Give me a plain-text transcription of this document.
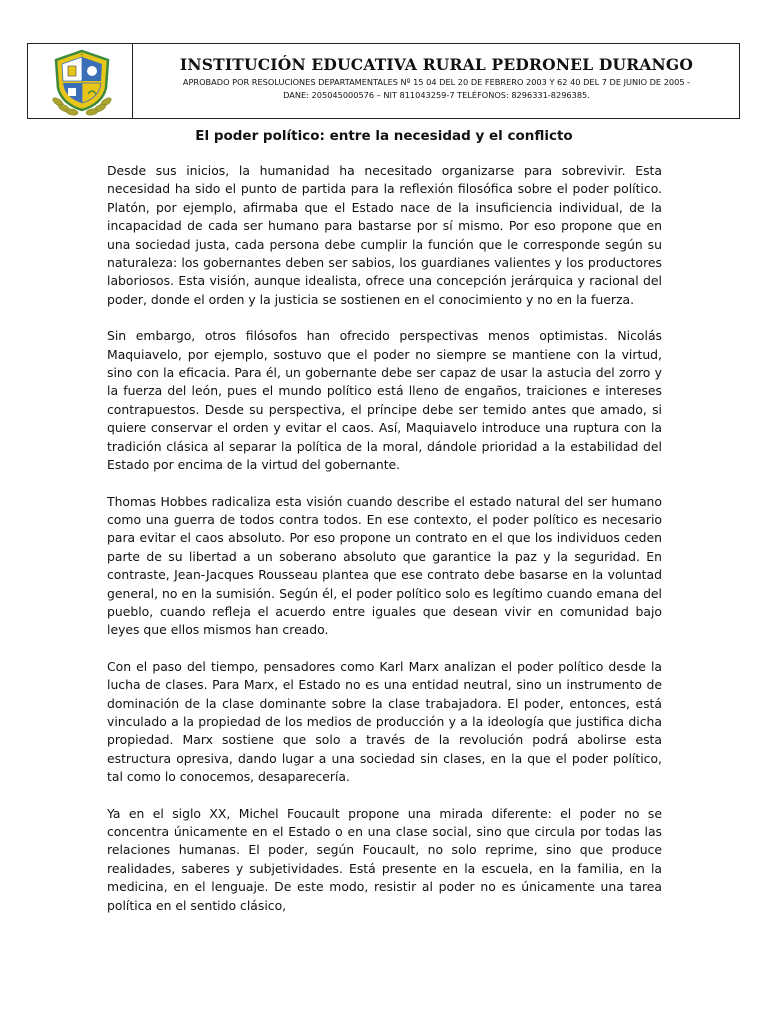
★
INSTITUCIÓN EDUCATIVA RURAL PEDRONEL DURANGO
APROBADO POR RESOLUCIONES DEPARTAMENTALES Nº 15 04 DEL 20 DE FEBRERO 2003 Y 62 40 DEL 7 DE JUNIO DE 2005 -
DANE: 205045000576 – NIT 811043259-7 TELÉFONOS: 8296331-8296385.
El poder político: entre la necesidad y el conflicto

Desde sus inicios, la humanidad ha necesitado organizarse para sobrevivir. Esta necesidad ha sido el punto de partida para la reflexión filosófica sobre el poder político. Platón, por ejemplo, afirmaba que el Estado nace de la insuficiencia individual, de la incapacidad de cada ser humano para bastarse por sí mismo. Por eso propone que en una sociedad justa, cada persona debe cumplir la función que le corresponde según su naturaleza: los gobernantes deben ser sabios, los guardianes valientes y los productores laboriosos. Esta visión, aunque idealista, ofrece una concepción jerárquica y racional del poder, donde el orden y la justicia se sostienen en el conocimiento y no en la fuerza.

Sin embargo, otros filósofos han ofrecido perspectivas menos optimistas. Nicolás Maquiavelo, por ejemplo, sostuvo que el poder no siempre se mantiene con la virtud, sino con la eficacia. Para él, un gobernante debe ser capaz de usar la astucia del zorro y la fuerza del león, pues el mundo político está lleno de engaños, traiciones e intereses contrapuestos. Desde su perspectiva, el príncipe debe ser temido antes que amado, si quiere conservar el orden y evitar el caos. Así, Maquiavelo introduce una ruptura con la tradición clásica al separar la política de la moral, dándole prioridad a la estabilidad del Estado por encima de la virtud del gobernante.

Thomas Hobbes radicaliza esta visión cuando describe el estado natural del ser humano como una guerra de todos contra todos. En ese contexto, el poder político es necesario para evitar el caos absoluto. Por eso propone un contrato en el que los individuos ceden parte de su libertad a un soberano absoluto que garantice la paz y la seguridad. En contraste, Jean-Jacques Rousseau plantea que ese contrato debe basarse en la voluntad general, no en la sumisión. Según él, el poder político solo es legítimo cuando emana del pueblo, cuando refleja el acuerdo entre iguales que desean vivir en comunidad bajo leyes que ellos mismos han creado.

Con el paso del tiempo, pensadores como Karl Marx analizan el poder político desde la lucha de clases. Para Marx, el Estado no es una entidad neutral, sino un instrumento de dominación de la clase dominante sobre la clase trabajadora. El poder, entonces, está vinculado a la propiedad de los medios de producción y a la ideología que justifica dicha propiedad. Marx sostiene que solo a través de la revolución podrá abolirse esta estructura opresiva, dando lugar a una sociedad sin clases, en la que el poder político, tal como lo conocemos, desaparecería.

Ya en el siglo XX, Michel Foucault propone una mirada diferente: el poder no se concentra únicamente en el Estado o en una clase social, sino que circula por todas las relaciones humanas. El poder, según Foucault, no solo reprime, sino que produce realidades, saberes y subjetividades. Está presente en la escuela, en la familia, en la medicina, en el lenguaje. De este modo, resistir al poder no es únicamente una tarea política en el sentido clásico,
